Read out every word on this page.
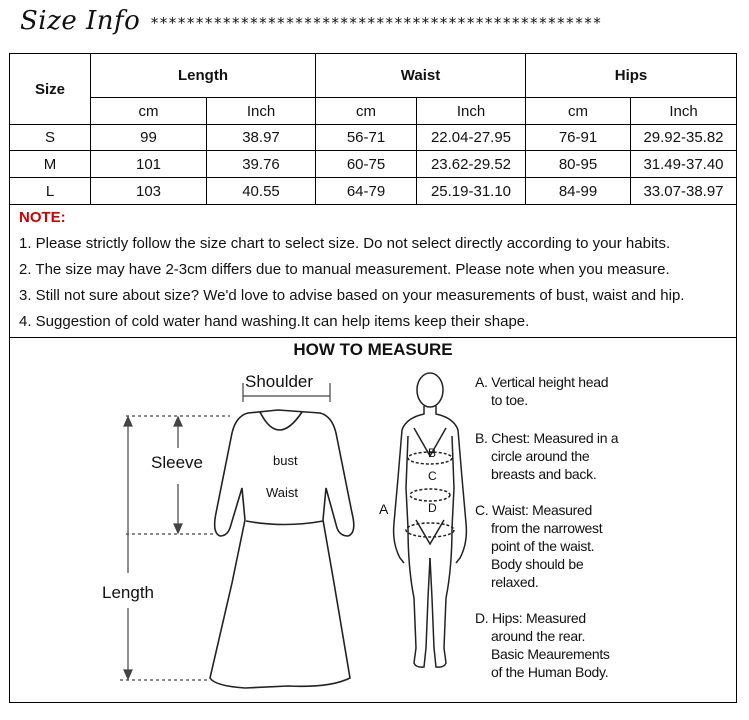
Size Info **************************************************
Size	Length		Waist		Hips	
	cm	Inch	cm	Inch	cm	Inch
S	99	38.97	56-71	22.04-27.95	76-91	29.92-35.82
M	101	39.76	60-75	23.62-29.52	80-95	31.49-37.40
L	103	40.55	64-79	25.19-31.10	84-99	33.07-38.97
NOTE:
1. Please strictly follow the size chart to select size. Do not select directly according to your habits.
2. The size may have 2-3cm differs due to manual measurement. Please note when you measure.
3. Still not sure about size? We'd love to advise based on your measurements of bust, waist and hip.
4. Suggestion of cold water hand washing.It can help items keep their shape.
HOW TO MEASURE
Shoulder
Sleeve	bust
Waist
Length
B
C
D
A
A. Vertical height head
to toe.
B. Chest: Measured in a
circle around the
breasts and back.
C. Waist: Measured
from the narrowest
point of the waist.
Body should be
relaxed.
D. Hips: Measured
around the rear.
Basic Meaurements
of the Human Body.
